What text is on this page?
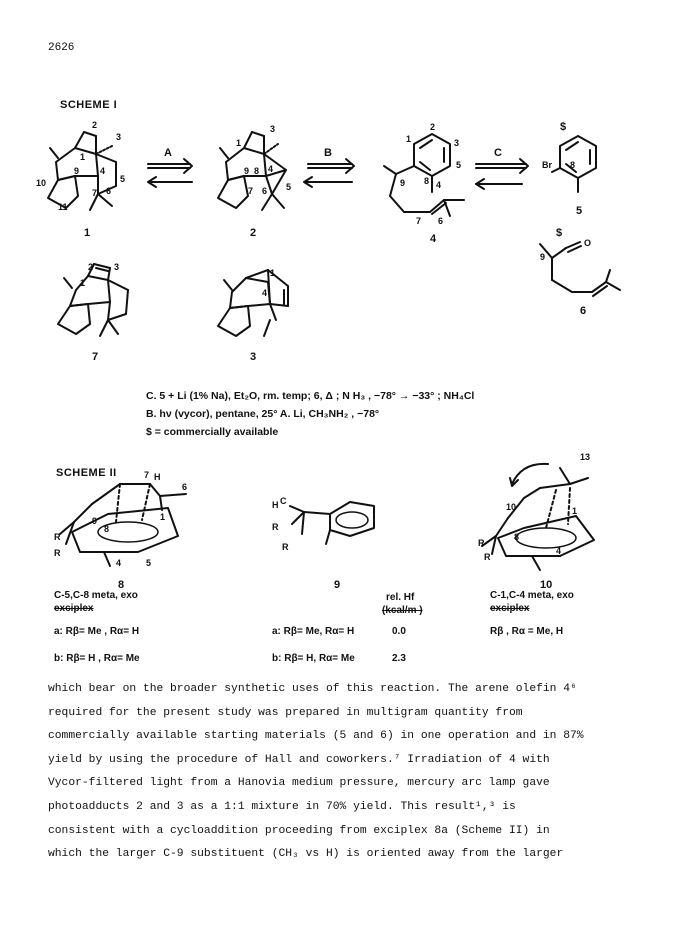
2626
SCHEME I
2
3
1
9 4
5
10
6
7
11
1
3
8
9 4
5
6
7
2
1	3
5
8 4
9
7 6
Br 8
9
O
2 3
1
1
4
1	2	4
5
6
7	3
A	B	C
$
$
C. 5 + Li (1% Na), Et₂O, rm. temp; 6, Δ ; N H₃ , −78° → −33° ; NH₄Cl
B. hν (vycor), pentane, 25° A. Li, CH₃NH₂ , −78°
$ = commercially available
SCHEME II	7 H
6
1
9
8
R
R
4	5
H C
R
R
13
10	1
8
R
R
4
8	9	10
C-5,C-8 meta, exo
exciplex
rel. Hf
(kcal/m )
C-1,C-4 meta, exo
exciplex
a: Rβ= Me , Rα= H
b: Rβ= H , Rα= Me
a: Rβ= Me, Rα= H
b: Rβ= H, Rα= Me
0.0
2.3
Rβ , Rα = Me, H
which bear on the broader synthetic uses of this reaction. The arene olefin 4⁶
required for the present study was prepared in multigram quantity from
commercially available starting materials (5 and 6) in one operation and in 87%
yield by using the procedure of Hall and coworkers.⁷ Irradiation of 4 with
Vycor-filtered light from a Hanovia medium pressure, mercury arc lamp gave
photoadducts 2 and 3 as a 1:1 mixture in 70% yield. This result¹,³ is
consistent with a cycloaddition proceeding from exciplex 8a (Scheme II) in
which the larger C-9 substituent (CH₃ vs H) is oriented away from the larger
